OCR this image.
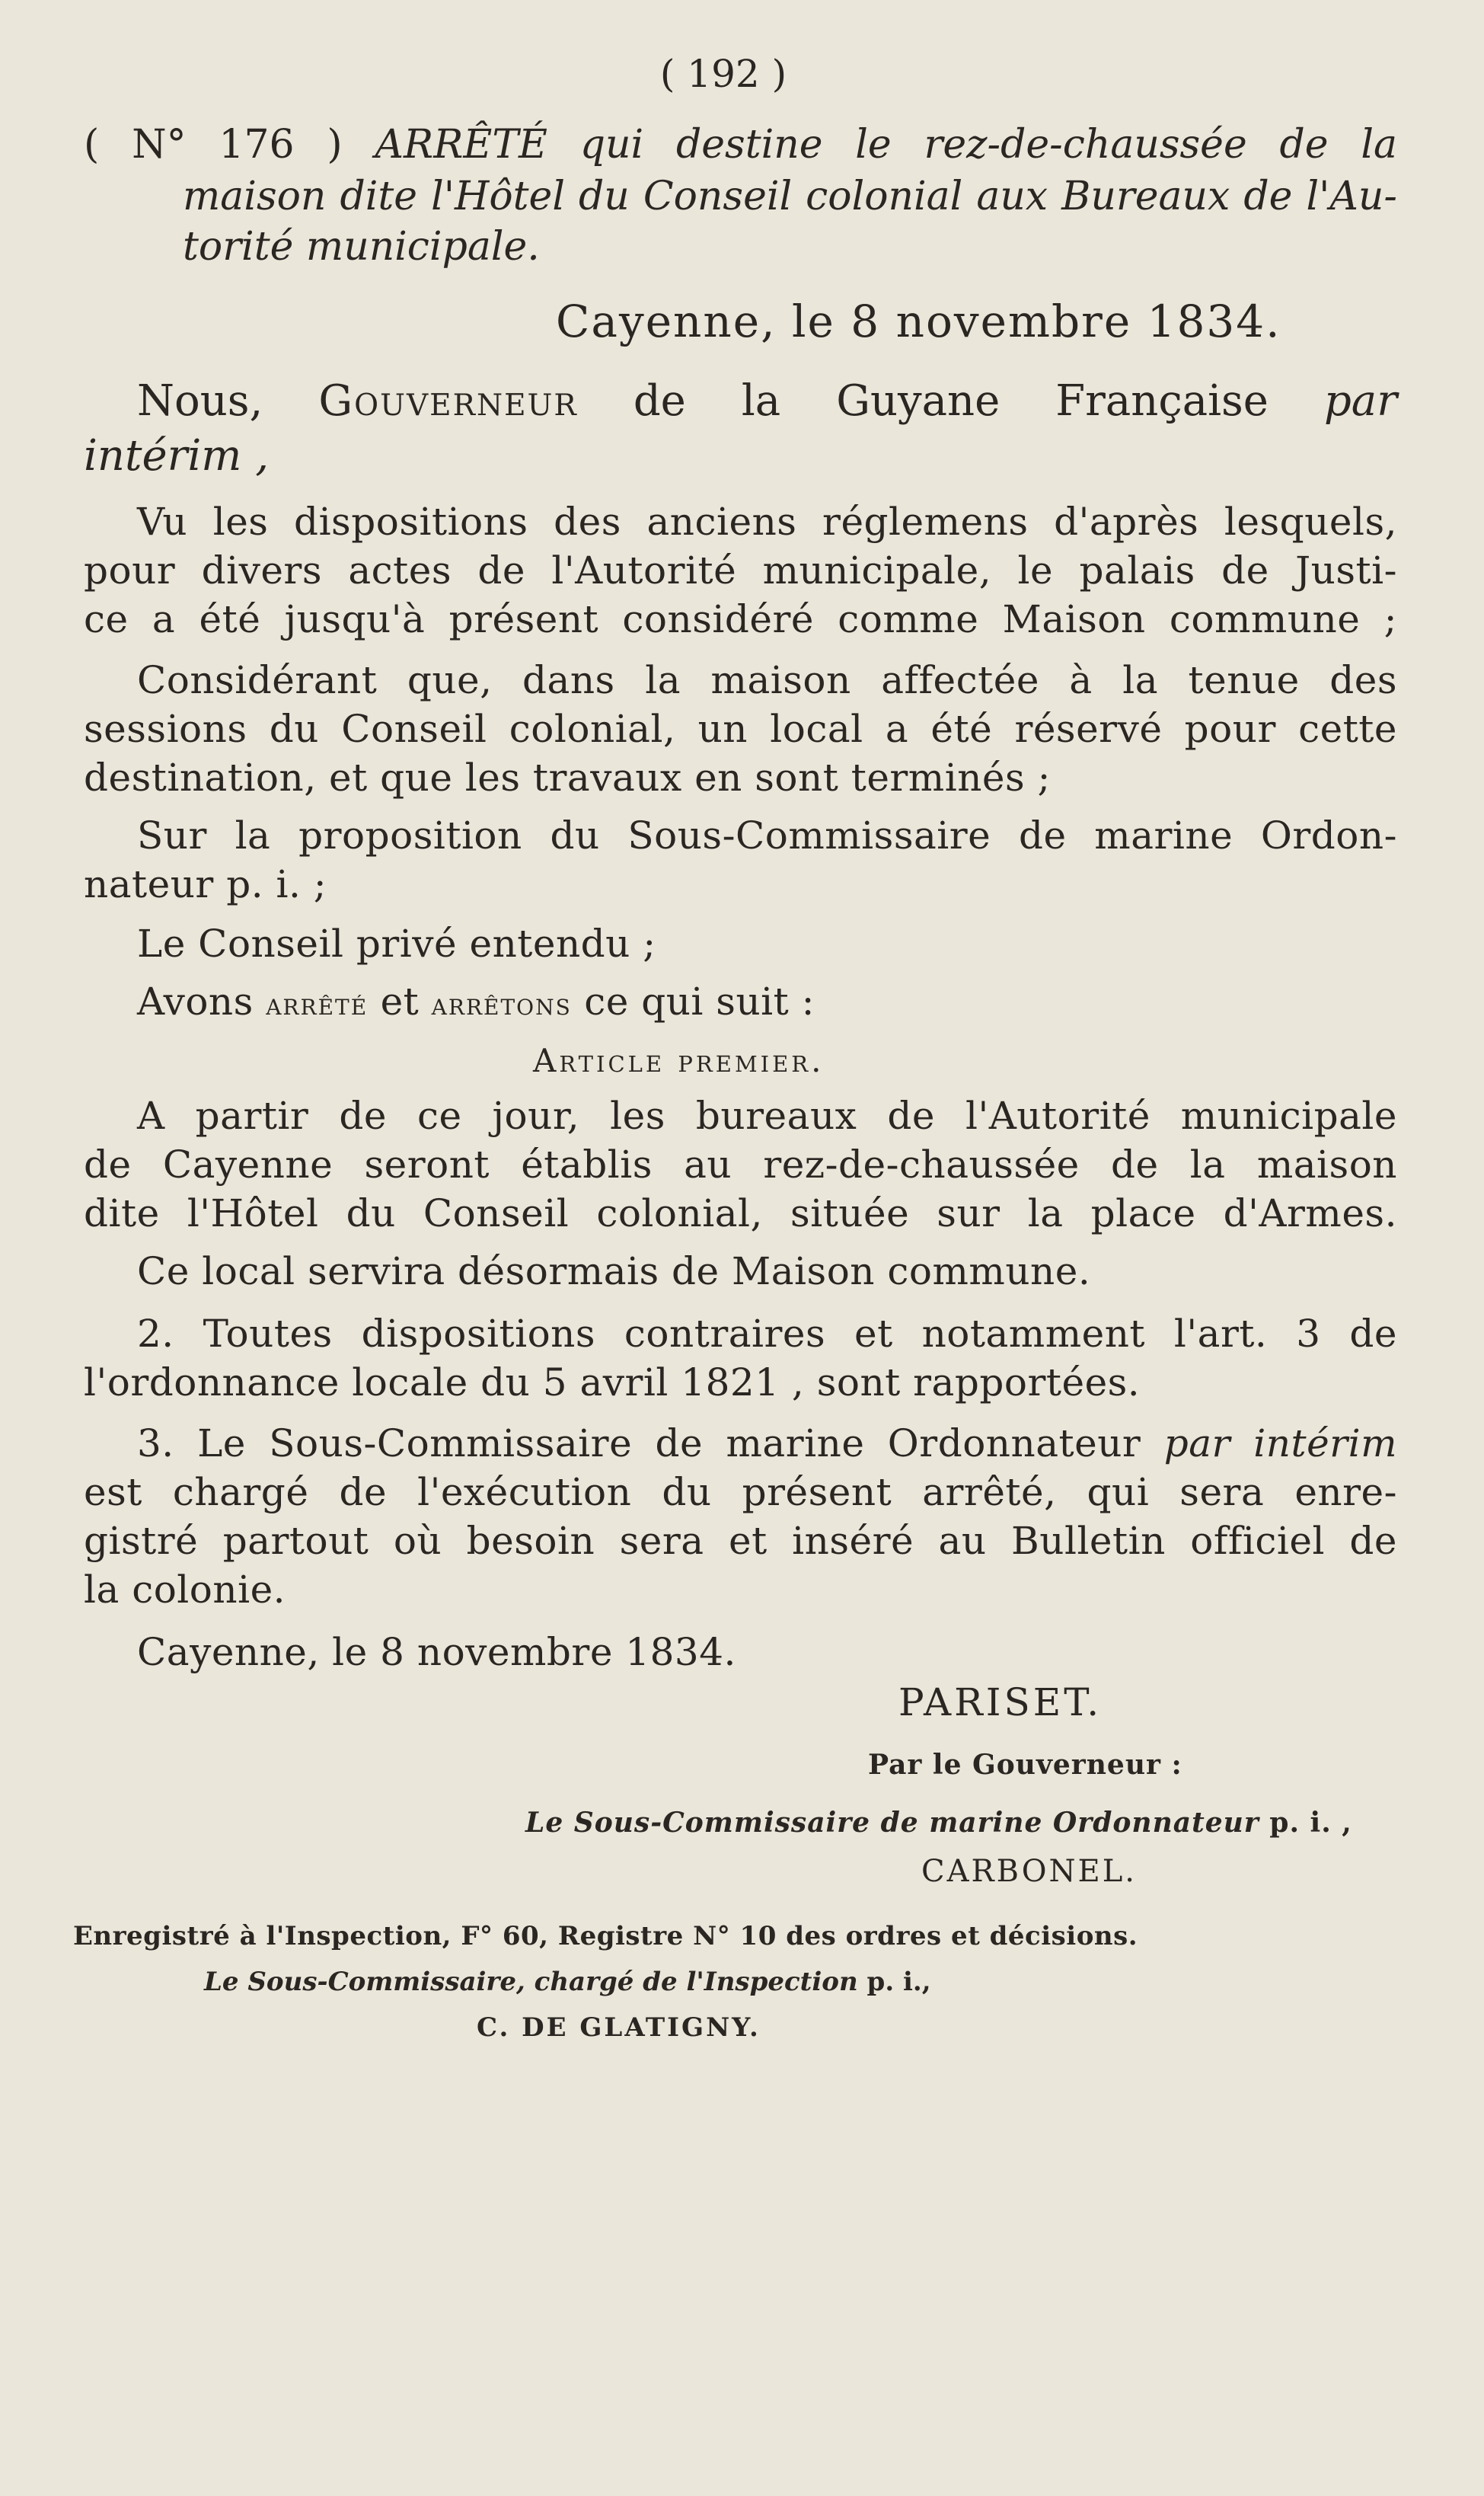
( 192 )
( N° 176 ) ARRÊTÉ qui destine le rez-de-chaussée de la
maison dite l'Hôtel du Conseil colonial aux Bureaux de l'Au-
torité municipale.
Cayenne, le 8 novembre 1834.
Nous, Gouverneur de la Guyane Française par
intérim ,
Vu les dispositions des anciens réglemens d'après lesquels,
pour divers actes de l'Autorité municipale, le palais de Justi-
ce a été jusqu'à présent considéré comme Maison commune ;
Considérant que, dans la maison affectée à la tenue des
sessions du Conseil colonial, un local a été réservé pour cette
destination, et que les travaux en sont terminés ;
Sur la proposition du Sous-Commissaire de marine Ordon-
nateur p. i. ;
Le Conseil privé entendu ;
Avons arrêté et arrêtons ce qui suit :
Article premier.
A partir de ce jour, les bureaux de l'Autorité municipale
de Cayenne seront établis au rez-de-chaussée de la maison
dite l'Hôtel du Conseil colonial, située sur la place d'Armes.
Ce local servira désormais de Maison commune.
2. Toutes dispositions contraires et notamment l'art. 3 de
l'ordonnance locale du 5 avril 1821 , sont rapportées.
3. Le Sous-Commissaire de marine Ordonnateur par intérim
est chargé de l'exécution du présent arrêté, qui sera enre-
gistré partout où besoin sera et inséré au Bulletin officiel de
la colonie.
Cayenne, le 8 novembre 1834.
PARISET.
Par le Gouverneur :
Le Sous-Commissaire de marine Ordonnateur p. i. ,
CARBONEL.
Enregistré à l'Inspection, F° 60, Registre N° 10 des ordres et décisions.
Le Sous-Commissaire, chargé de l'Inspection p. i.,
C. DE GLATIGNY.
